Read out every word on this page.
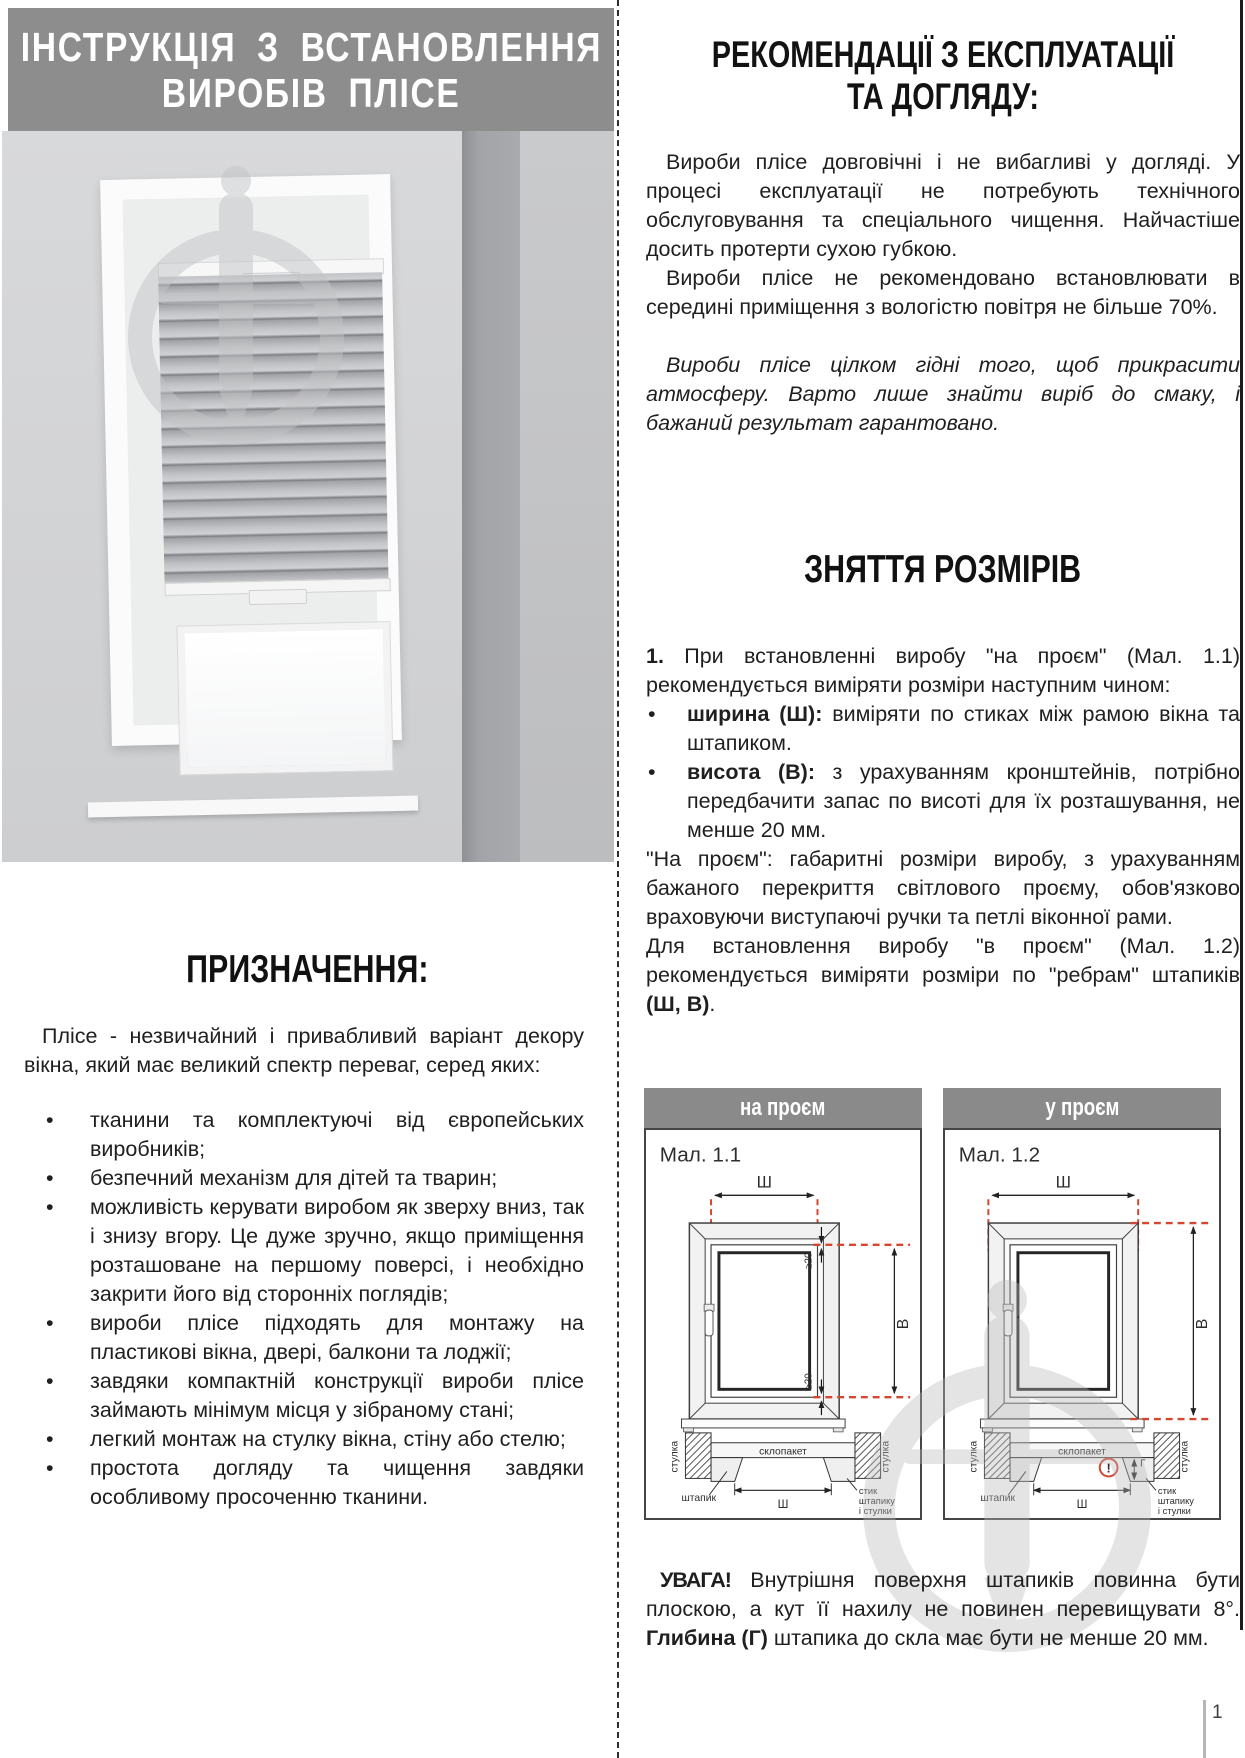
ІНСТРУКЦІЯ З ВСТАНОВЛЕННЯ
ВИРОБІВ ПЛІСЕ
ПРИЗНАЧЕННЯ:

Плісе - незвичайний і привабливий варіант декору вікна, який має великий спектр переваг, серед яких:

• тканини та комплектуючі від європейських виробників;
• безпечний механізм для дітей та тварин;
• можливість керувати виробом як зверху вниз, так і знизу вгору. Це дуже зручно, якщо приміщення розташоване на першому поверсі, і необхідно закрити його від сторонніх поглядів;
• вироби плісе підходять для монтажу на пластикові вікна, двері, балкони та лоджії;
• завдяки компактній конструкції вироби плісе займають мінімум місця у зібраному стані;
• легкий монтаж на стулку вікна, стіну або стелю;
• простота догляду та чищення завдяки особливому просоченню тканини.
РЕКОМЕНДАЦІЇ З ЕКСПЛУАТАЦІЇ
ТА ДОГЛЯДУ:

Вироби плісе довговічні і не вибагливі у догляді. У процесі експлуатації не потребують технічного обслуговування та спеціального чищення. Найчастіше досить протерти сухою губкою.

Вироби плісе не рекомендовано встановлювати в середині приміщення з вологістю повітря не більше 70%.

Вироби плісе цілком гідні того, щоб прикрасити атмосферу. Варто лише знайти виріб до смаку, і бажаний результат гарантовано.

ЗНЯТТЯ РОЗМІРІВ

1. При встановленні виробу "на проєм" (Мал. 1.1) рекомендується виміряти розміри наступним чином:

• ширина (Ш): виміряти по стиках між рамою вікна та штапиком.
• висота (В): з урахуванням кронштейнів, потрібно передбачити запас по висоті для їх розташування, не менше 20 мм.

"На проєм": габаритні розміри виробу, з урахуванням бажаного перекриття світлового проєму, обов'язково враховуючи виступаючі ручки та петлі віконної рами.

Для встановлення виробу "в проєм" (Мал. 1.2) рекомендується виміряти розміри по "ребрам" штапиків (Ш, В).

на проєм
Мал. 1.1
Ш
В
≥20
≥20
стулка	стулка
склопакет
штапик	Ш
стик
штапику
і стулки
у проєм
Мал. 1.2
Ш
В
стулка	стулка
склопакет
штапик
!	Г
Ш
стик
штапику
і стулки

УВАГА! Внутрішня поверхня штапиків повинна бути плоскою, а кут її нахилу не повинен перевищувати 8°. Глибина (Г) штапика до скла має бути не менше 20 мм.

1
